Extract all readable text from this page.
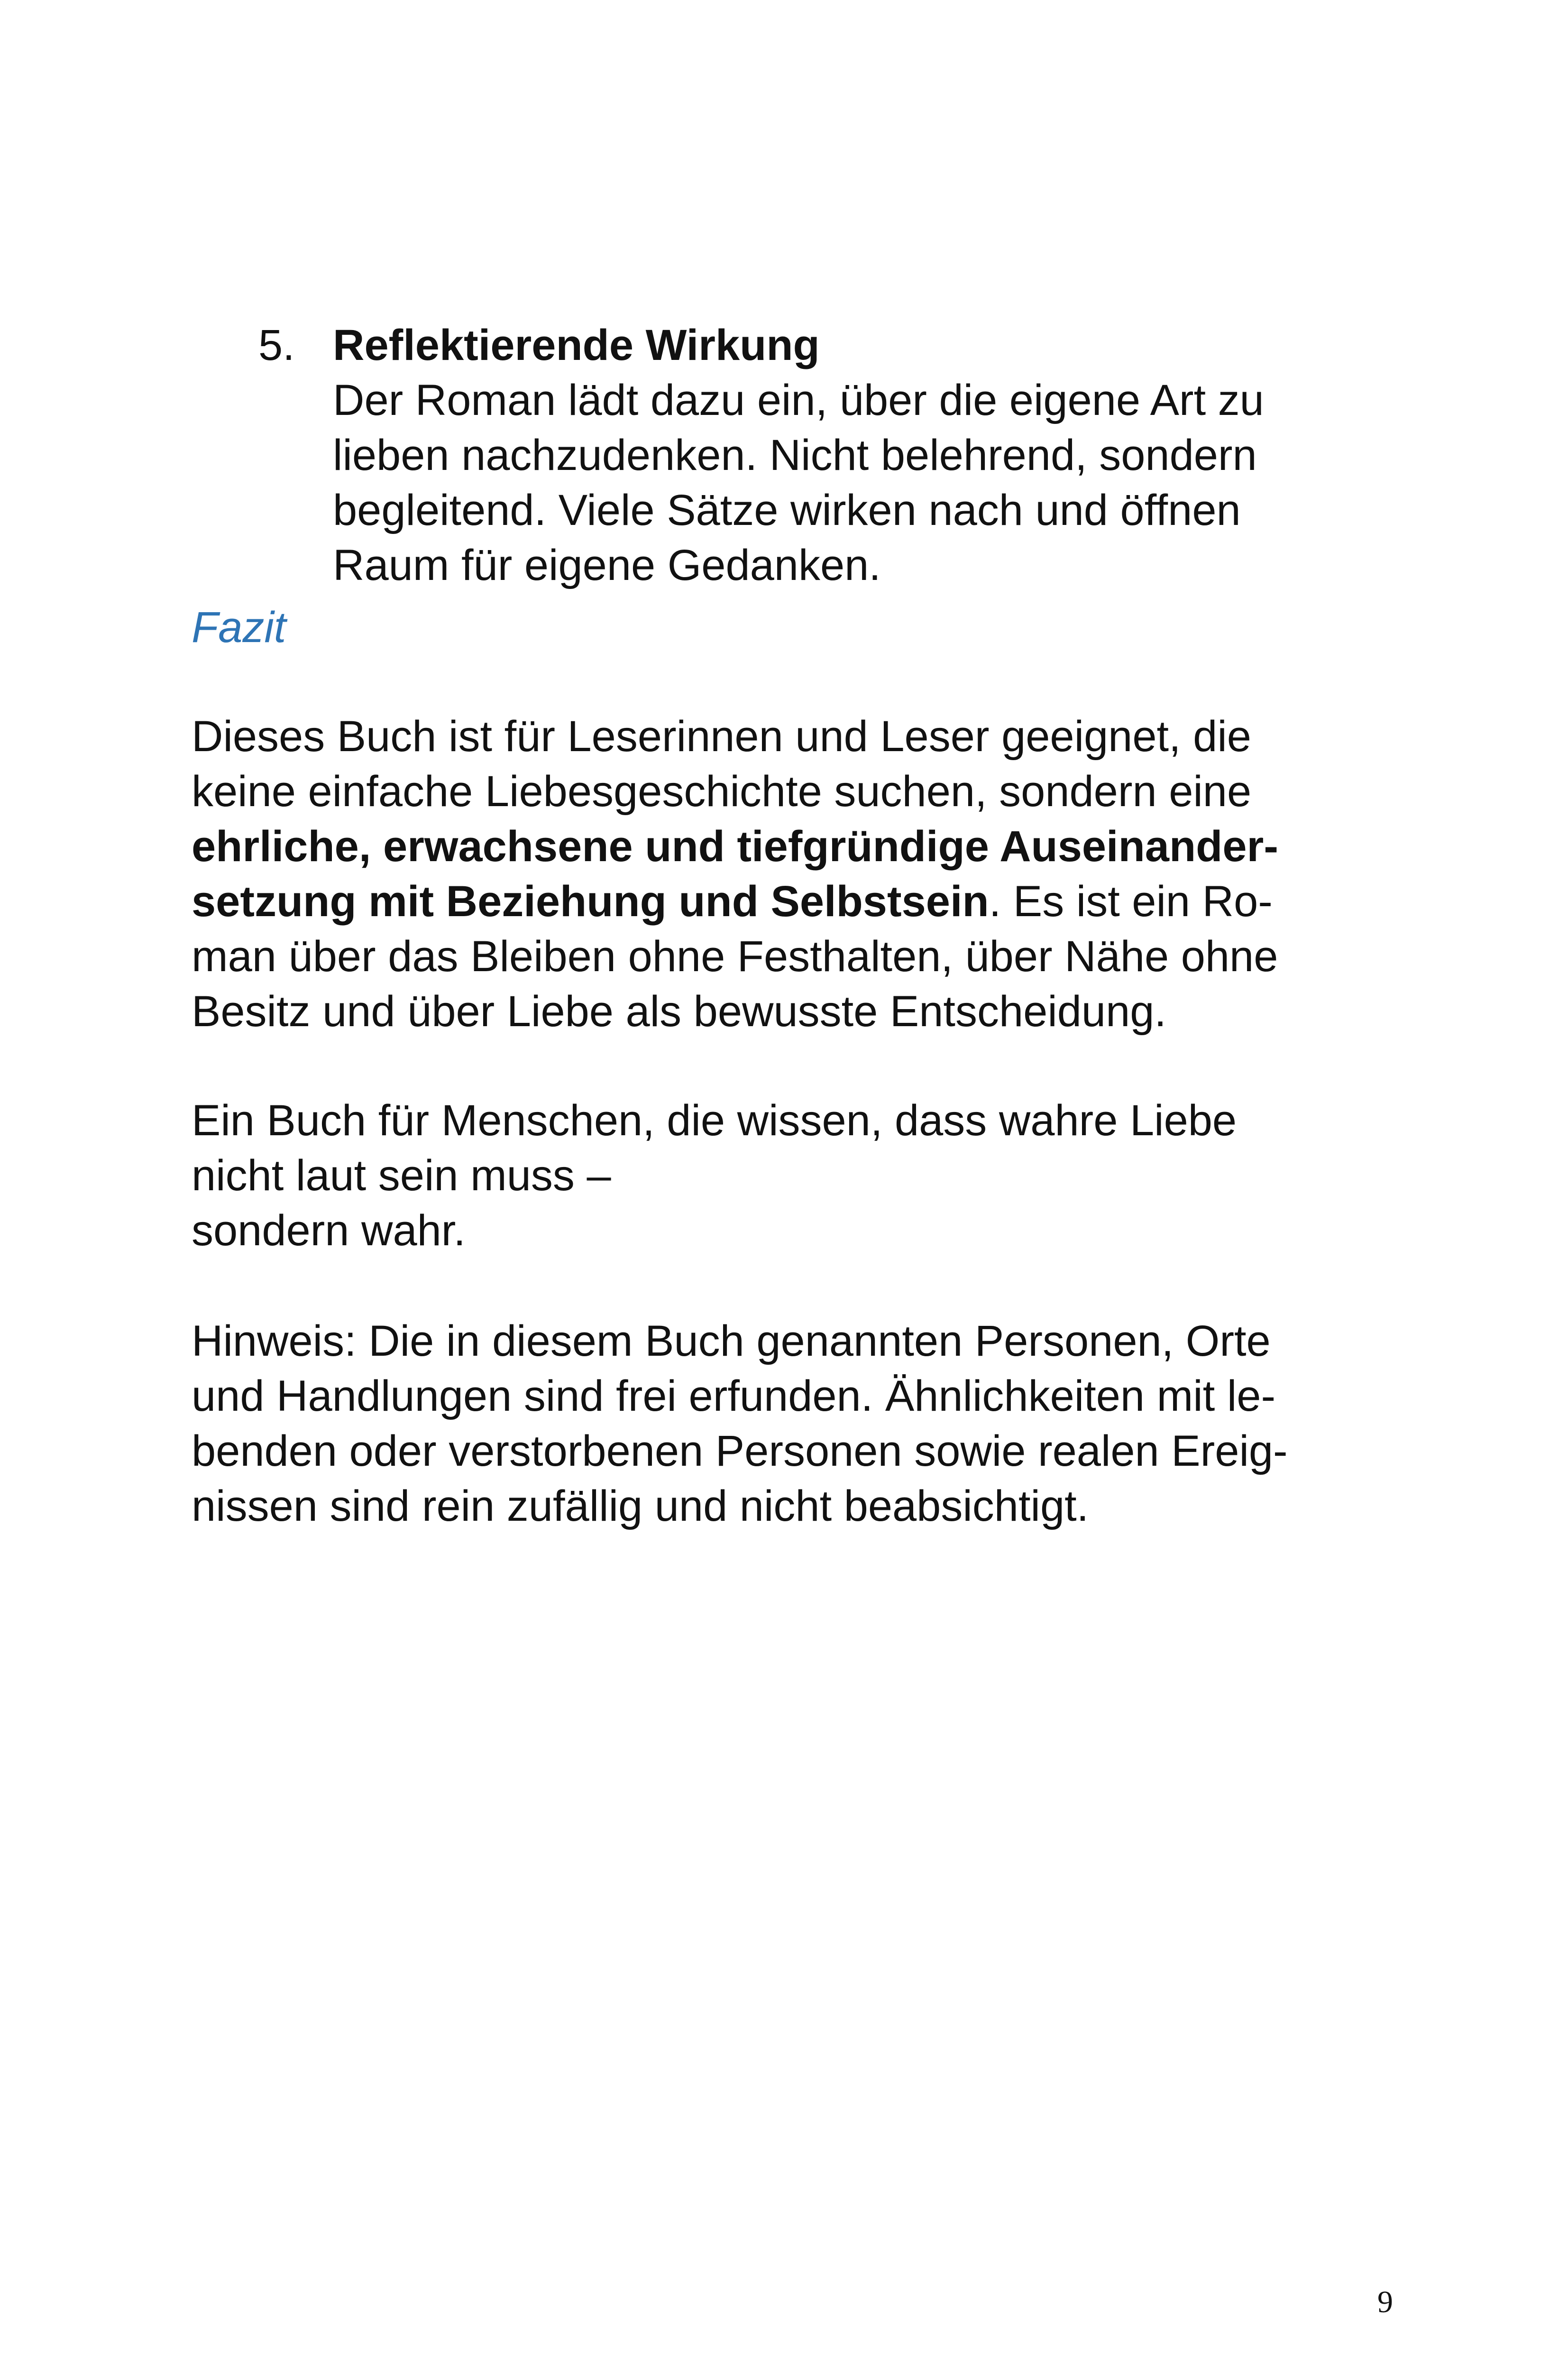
5. Reflektierende Wirkung
Der Roman lädt dazu ein, über die eigene Art zu
lieben nachzudenken. Nicht belehrend, sondern
begleitend. Viele Sätze wirken nach und öffnen
Raum für eigene Gedanken.
Fazit
Dieses Buch ist für Leserinnen und Leser geeignet, die
keine einfache Liebesgeschichte suchen, sondern eine
ehrliche, erwachsene und tiefgründige Auseinander-
setzung mit Beziehung und Selbstsein. Es ist ein Ro-
man über das Bleiben ohne Festhalten, über Nähe ohne
Besitz und über Liebe als bewusste Entscheidung.
Ein Buch für Menschen, die wissen, dass wahre Liebe
nicht laut sein muss –
sondern wahr.
Hinweis: Die in diesem Buch genannten Personen, Orte
und Handlungen sind frei erfunden. Ähnlichkeiten mit le-
benden oder verstorbenen Personen sowie realen Ereig-
nissen sind rein zufällig und nicht beabsichtigt.
9
